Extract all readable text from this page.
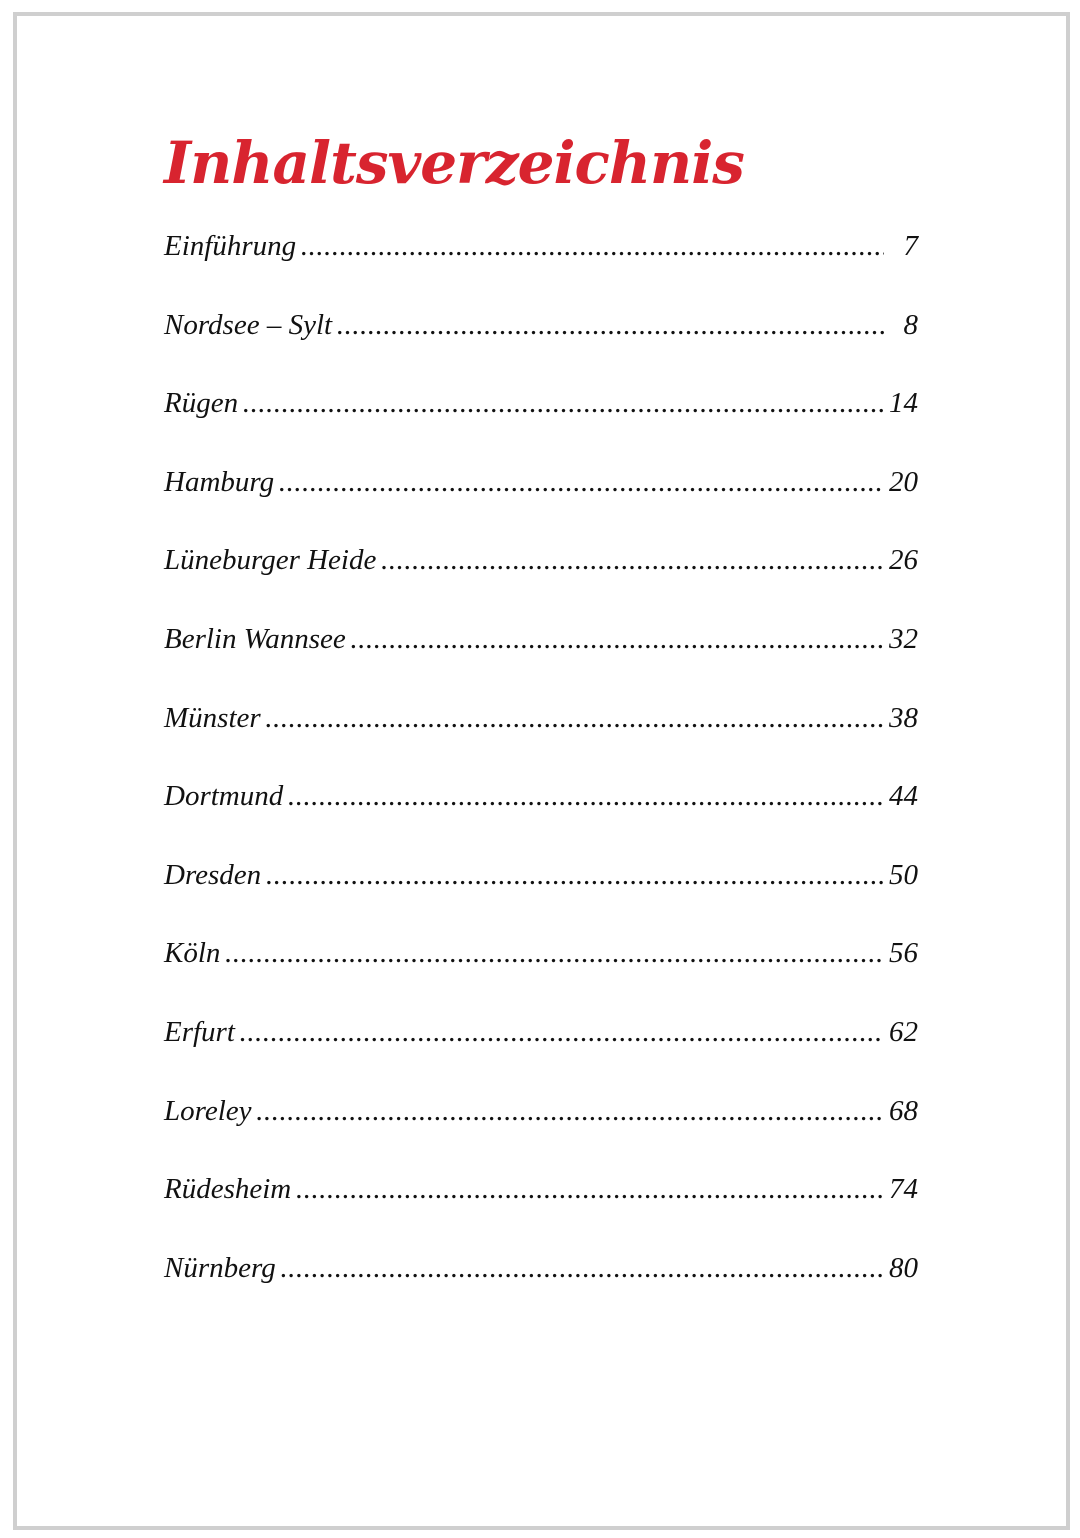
Inhaltsverzeichnis
Einführung .....	7
Nordsee – Sylt .....	8
Rügen .....	14
Hamburg .....	20
Lüneburger Heide .....	26
Berlin Wannsee .....	32
Münster .....	38
Dortmund .....	44
Dresden .....	50
Köln .....	56
Erfurt .....	62
Loreley .....	68
Rüdesheim .....	74
Nürnberg .....	80
